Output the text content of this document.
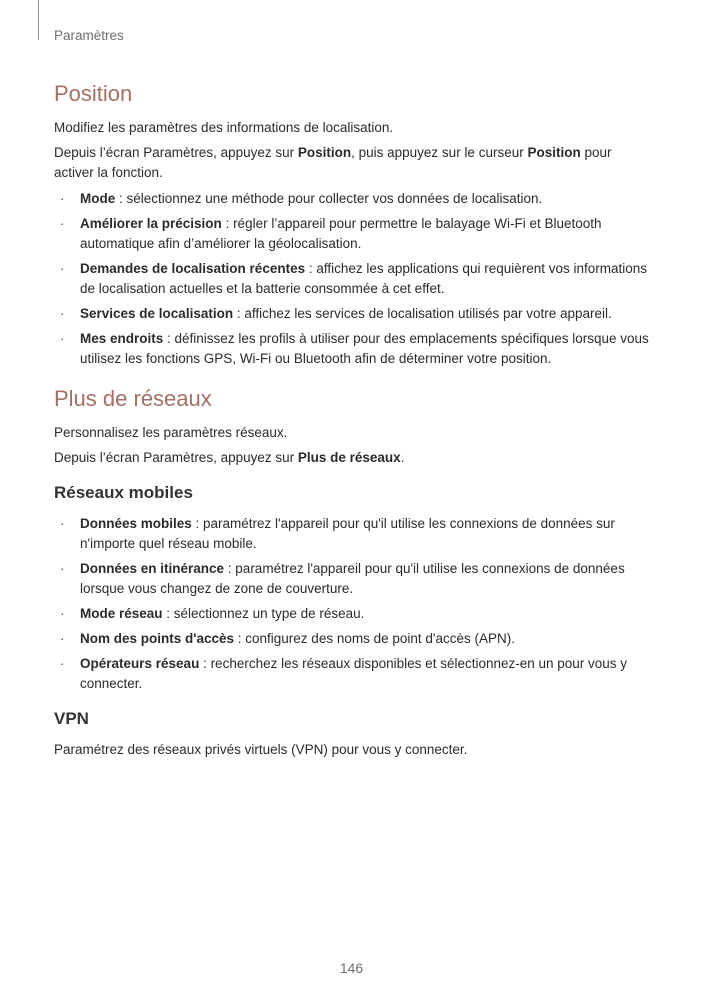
Paramètres

Position

Modifiez les paramètres des informations de localisation.

Depuis l’écran Paramètres, appuyez sur Position, puis appuyez sur le curseur Position pour activer la fonction.

· Mode : sélectionnez une méthode pour collecter vos données de localisation.
· Améliorer la précision : régler l’appareil pour permettre le balayage Wi-Fi et Bluetooth automatique afin d’améliorer la géolocalisation.
· Demandes de localisation récentes : affichez les applications qui requièrent vos informations de localisation actuelles et la batterie consommée à cet effet.
· Services de localisation : affichez les services de localisation utilisés par votre appareil.
· Mes endroits : définissez les profils à utiliser pour des emplacements spécifiques lorsque vous utilisez les fonctions GPS, Wi-Fi ou Bluetooth afin de déterminer votre position.
Plus de réseaux

Personnalisez les paramètres réseaux.

Depuis l’écran Paramètres, appuyez sur Plus de réseaux.

Réseaux mobiles
· Données mobiles : paramétrez l'appareil pour qu'il utilise les connexions de données sur n'importe quel réseau mobile.
· Données en itinérance : paramétrez l'appareil pour qu'il utilise les connexions de données lorsque vous changez de zone de couverture.
· Mode réseau : sélectionnez un type de réseau.
· Nom des points d'accès : configurez des noms de point d'accès (APN).
· Opérateurs réseau : recherchez les réseaux disponibles et sélectionnez-en un pour vous y connecter.
VPN

Paramétrez des réseaux privés virtuels (VPN) pour vous y connecter.

146
